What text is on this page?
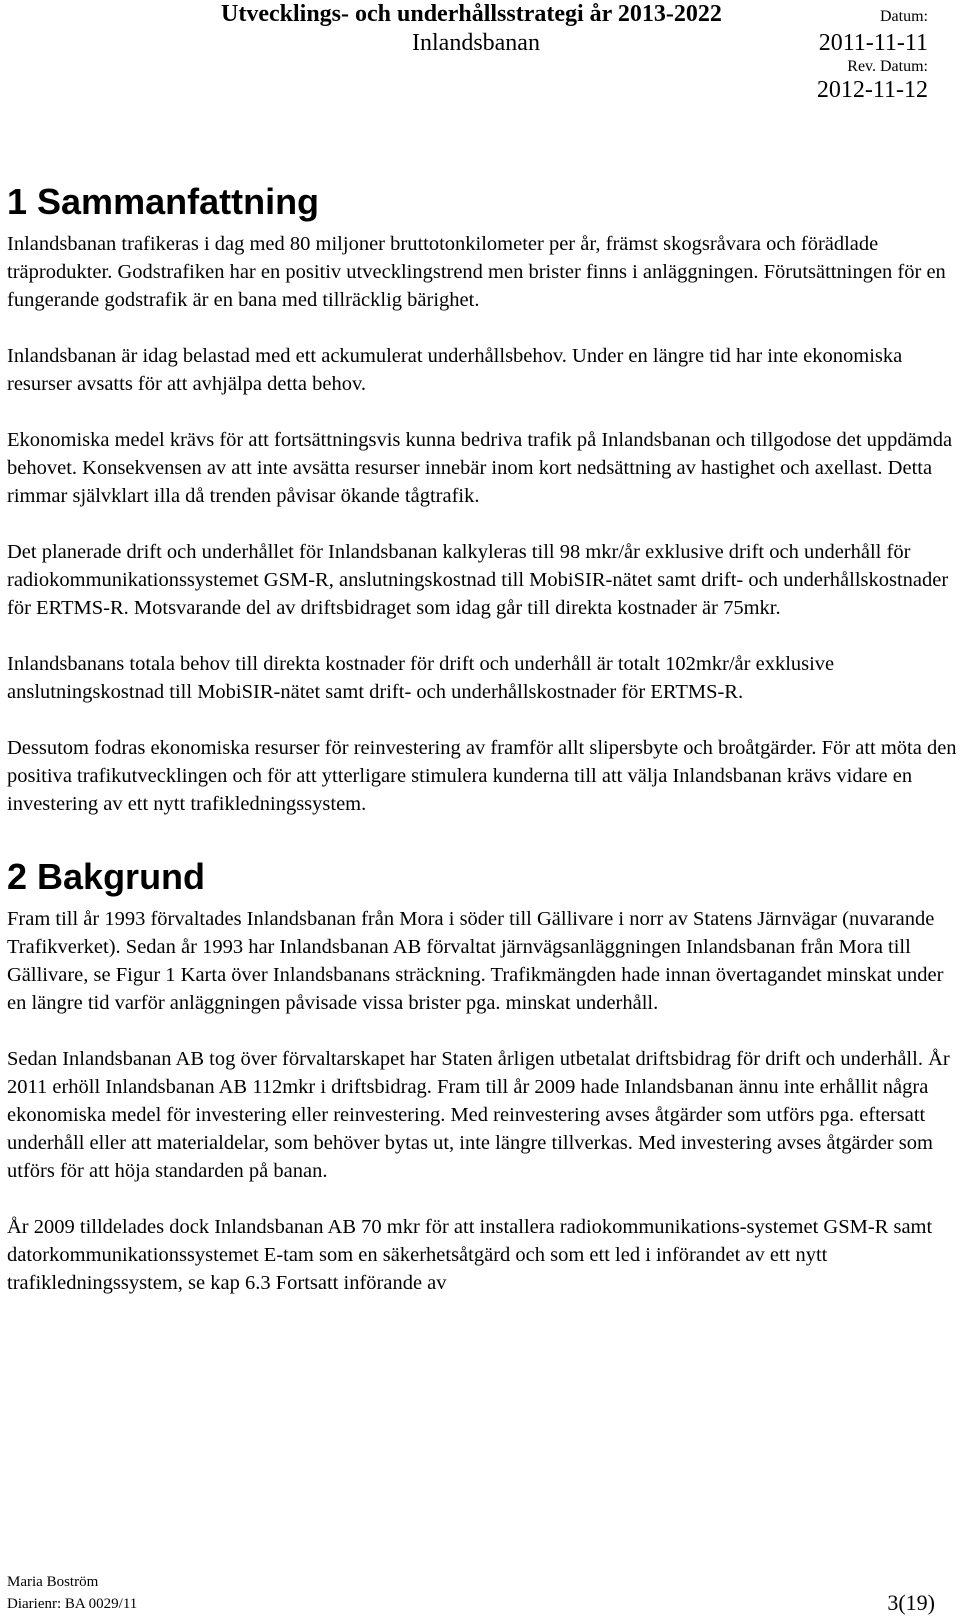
Utvecklings- och underhållsstrategi år 2013-2022
Inlandsbanan
Datum:
2011-11-11
Rev. Datum:
2012-11-12
1 Sammanfattning

Inlandsbanan trafikeras i dag med 80 miljoner bruttotonkilometer per år, främst skogsråvara och förädlade träprodukter. Godstrafiken har en positiv utvecklingstrend men brister finns i anläggningen. Förutsättningen för en fungerande godstrafik är en bana med tillräcklig bärighet.

Inlandsbanan är idag belastad med ett ackumulerat underhållsbehov. Under en längre tid har inte ekonomiska resurser avsatts för att avhjälpa detta behov.

Ekonomiska medel krävs för att fortsättningsvis kunna bedriva trafik på Inlandsbanan och tillgodose det uppdämda behovet. Konsekvensen av att inte avsätta resurser innebär inom kort nedsättning av hastighet och axellast. Detta rimmar självklart illa då trenden påvisar ökande tågtrafik.

Det planerade drift och underhållet för Inlandsbanan kalkyleras till 98 mkr/år exklusive drift och underhåll för radiokommunikationssystemet GSM-R, anslutningskostnad till MobiSIR-nätet samt drift- och underhållskostnader för ERTMS-R. Motsvarande del av driftsbidraget som idag går till direkta kostnader är 75mkr.

Inlandsbanans totala behov till direkta kostnader för drift och underhåll är totalt 102mkr/år exklusive anslutningskostnad till MobiSIR-nätet samt drift- och underhållskostnader för ERTMS-R.

Dessutom fodras ekonomiska resurser för reinvestering av framför allt slipersbyte och broåtgärder. För att möta den positiva trafikutvecklingen och för att ytterligare stimulera kunderna till att välja Inlandsbanan krävs vidare en investering av ett nytt trafikledningssystem.

2 Bakgrund

Fram till år 1993 förvaltades Inlandsbanan från Mora i söder till Gällivare i norr av Statens Järnvägar (nuvarande Trafikverket). Sedan år 1993 har Inlandsbanan AB förvaltat järnvägsanläggningen Inlandsbanan från Mora till Gällivare, se Figur 1 Karta över Inlandsbanans sträckning. Trafikmängden hade innan övertagandet minskat under en längre tid varför anläggningen påvisade vissa brister pga. minskat underhåll.

Sedan Inlandsbanan AB tog över förvaltarskapet har Staten årligen utbetalat driftsbidrag för drift och underhåll. År 2011 erhöll Inlandsbanan AB 112mkr i driftsbidrag. Fram till år 2009 hade Inlandsbanan ännu inte erhållit några ekonomiska medel för investering eller reinvestering. Med reinvestering avses åtgärder som utförs pga. eftersatt underhåll eller att materialdelar, som behöver bytas ut, inte längre tillverkas. Med investering avses åtgärder som utförs för att höja standarden på banan.

År 2009 tilldelades dock Inlandsbanan AB 70 mkr för att installera radiokommunikations-systemet GSM-R samt datorkommunikationssystemet E-tam som en säkerhetsåtgärd och som ett led i införandet av ett nytt trafikledningssystem, se kap 6.3 Fortsatt införande av

Maria Boström
Diarienr: BA 0029/11	3(19)
